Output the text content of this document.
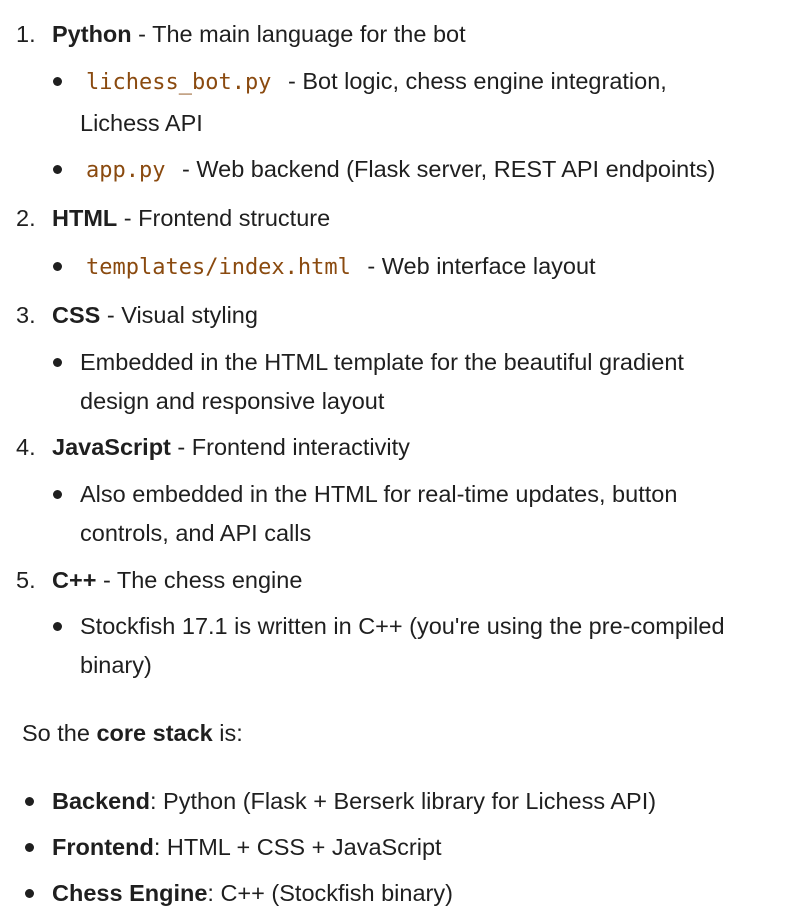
1. Python - The main language for the bot
lichess_bot.py - Bot logic, chess engine integration,
Lichess API
app.py - Web backend (Flask server, REST API endpoints)
2. HTML - Frontend structure
templates/index.html - Web interface layout
3. CSS - Visual styling
Embedded in the HTML template for the beautiful gradient
design and responsive layout
4. JavaScript - Frontend interactivity
Also embedded in the HTML for real-time updates, button
controls, and API calls
5. C++ - The chess engine
Stockfish 17.1 is written in C++ (you're using the pre-compiled
binary)
So the core stack is:
Backend: Python (Flask + Berserk library for Lichess API)
Frontend: HTML + CSS + JavaScript
Chess Engine: C++ (Stockfish binary)
